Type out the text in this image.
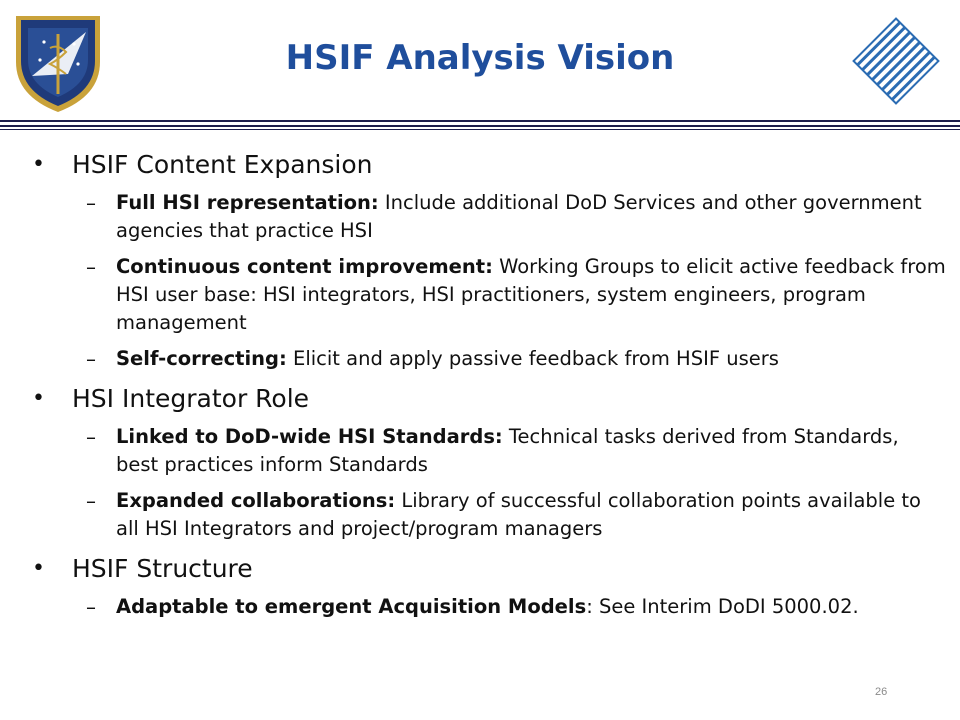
HSIF Analysis Vision
•	HSIF Content Expansion
–	Full HSI representation: Include additional DoD Services and other government agencies that practice HSI
–	Continuous content improvement: Working Groups to elicit active feedback from HSI user base: HSI integrators, HSI practitioners, system engineers, program management
–	Self-correcting: Elicit and apply passive feedback from HSIF users
•	HSI Integrator Role
–	Linked to DoD-wide HSI Standards: Technical tasks derived from Standards, best practices inform Standards
–	Expanded collaborations: Library of successful collaboration points available to all HSI Integrators and project/program managers
•	HSIF Structure
–	Adaptable to emergent Acquisition Models: See Interim DoDI 5000.02.
26
